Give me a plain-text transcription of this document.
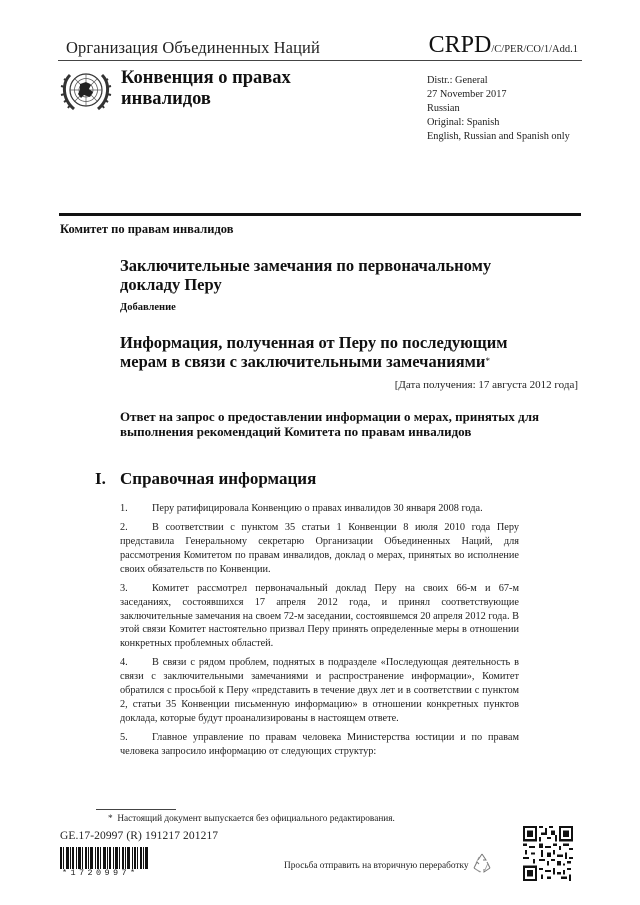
Организация Объединенных Наций	CRPD/C/PER/CO/1/Add.1
Конвенция о правах
инвалидов
Distr.: General
27 November 2017
Russian
Original: Spanish
English, Russian and Spanish only
Комитет по правам инвалидов
Заключительные замечания по первоначальному
докладу Перу
Добавление
Информация, полученная от Перу по последующим
мерам в связи с заключительными замечаниями*
[Дата получения: 17 августа 2012 года]
Ответ на запрос о предоставлении информации о мерах, принятых для выполнения рекомендаций Комитета по правам инвалидов
I. Справочная информация

1. Перу ратифицировала Конвенцию о правах инвалидов 30 января 2008 года.

2. В соответствии с пунктом 35 статьи 1 Конвенции 8 июля 2010 года Перу представила Генеральному секретарю Организации Объединенных Наций, для рассмотрения Комитетом по правам инвалидов, доклад о мерах, принятых во исполнение своих обязательств по Конвенции.

3. Комитет рассмотрел первоначальный доклад Перу на своих 66-м и 67-м заседаниях, состоявшихся 17 апреля 2012 года, и принял соответствующие заключительные замечания на своем 72-м заседании, состоявшемся 20 апреля 2012 года. В этой связи Комитет настоятельно призвал Перу принять определенные меры в отношении конкретных проблемных областей.

4. В связи с рядом проблем, поднятых в подразделе «Последующая деятельность в связи с заключительными замечаниями и распространение информации», Комитет обратился с просьбой к Перу «представить в течение двух лет и в соответствии с пунктом 2, статьи 35 Конвенции письменную информацию» в отношении конкретных пунктов доклада, которые будут проанализированы в настоящем ответе.

5. Главное управление по правам человека Министерства юстиции и по правам человека запросило информацию от следующих структур:

* Настоящий документ выпускается без официального редактирования.
GE.17-20997 (R) 191217 201217
*1720997*
Просьба отправить на вторичную переработку
